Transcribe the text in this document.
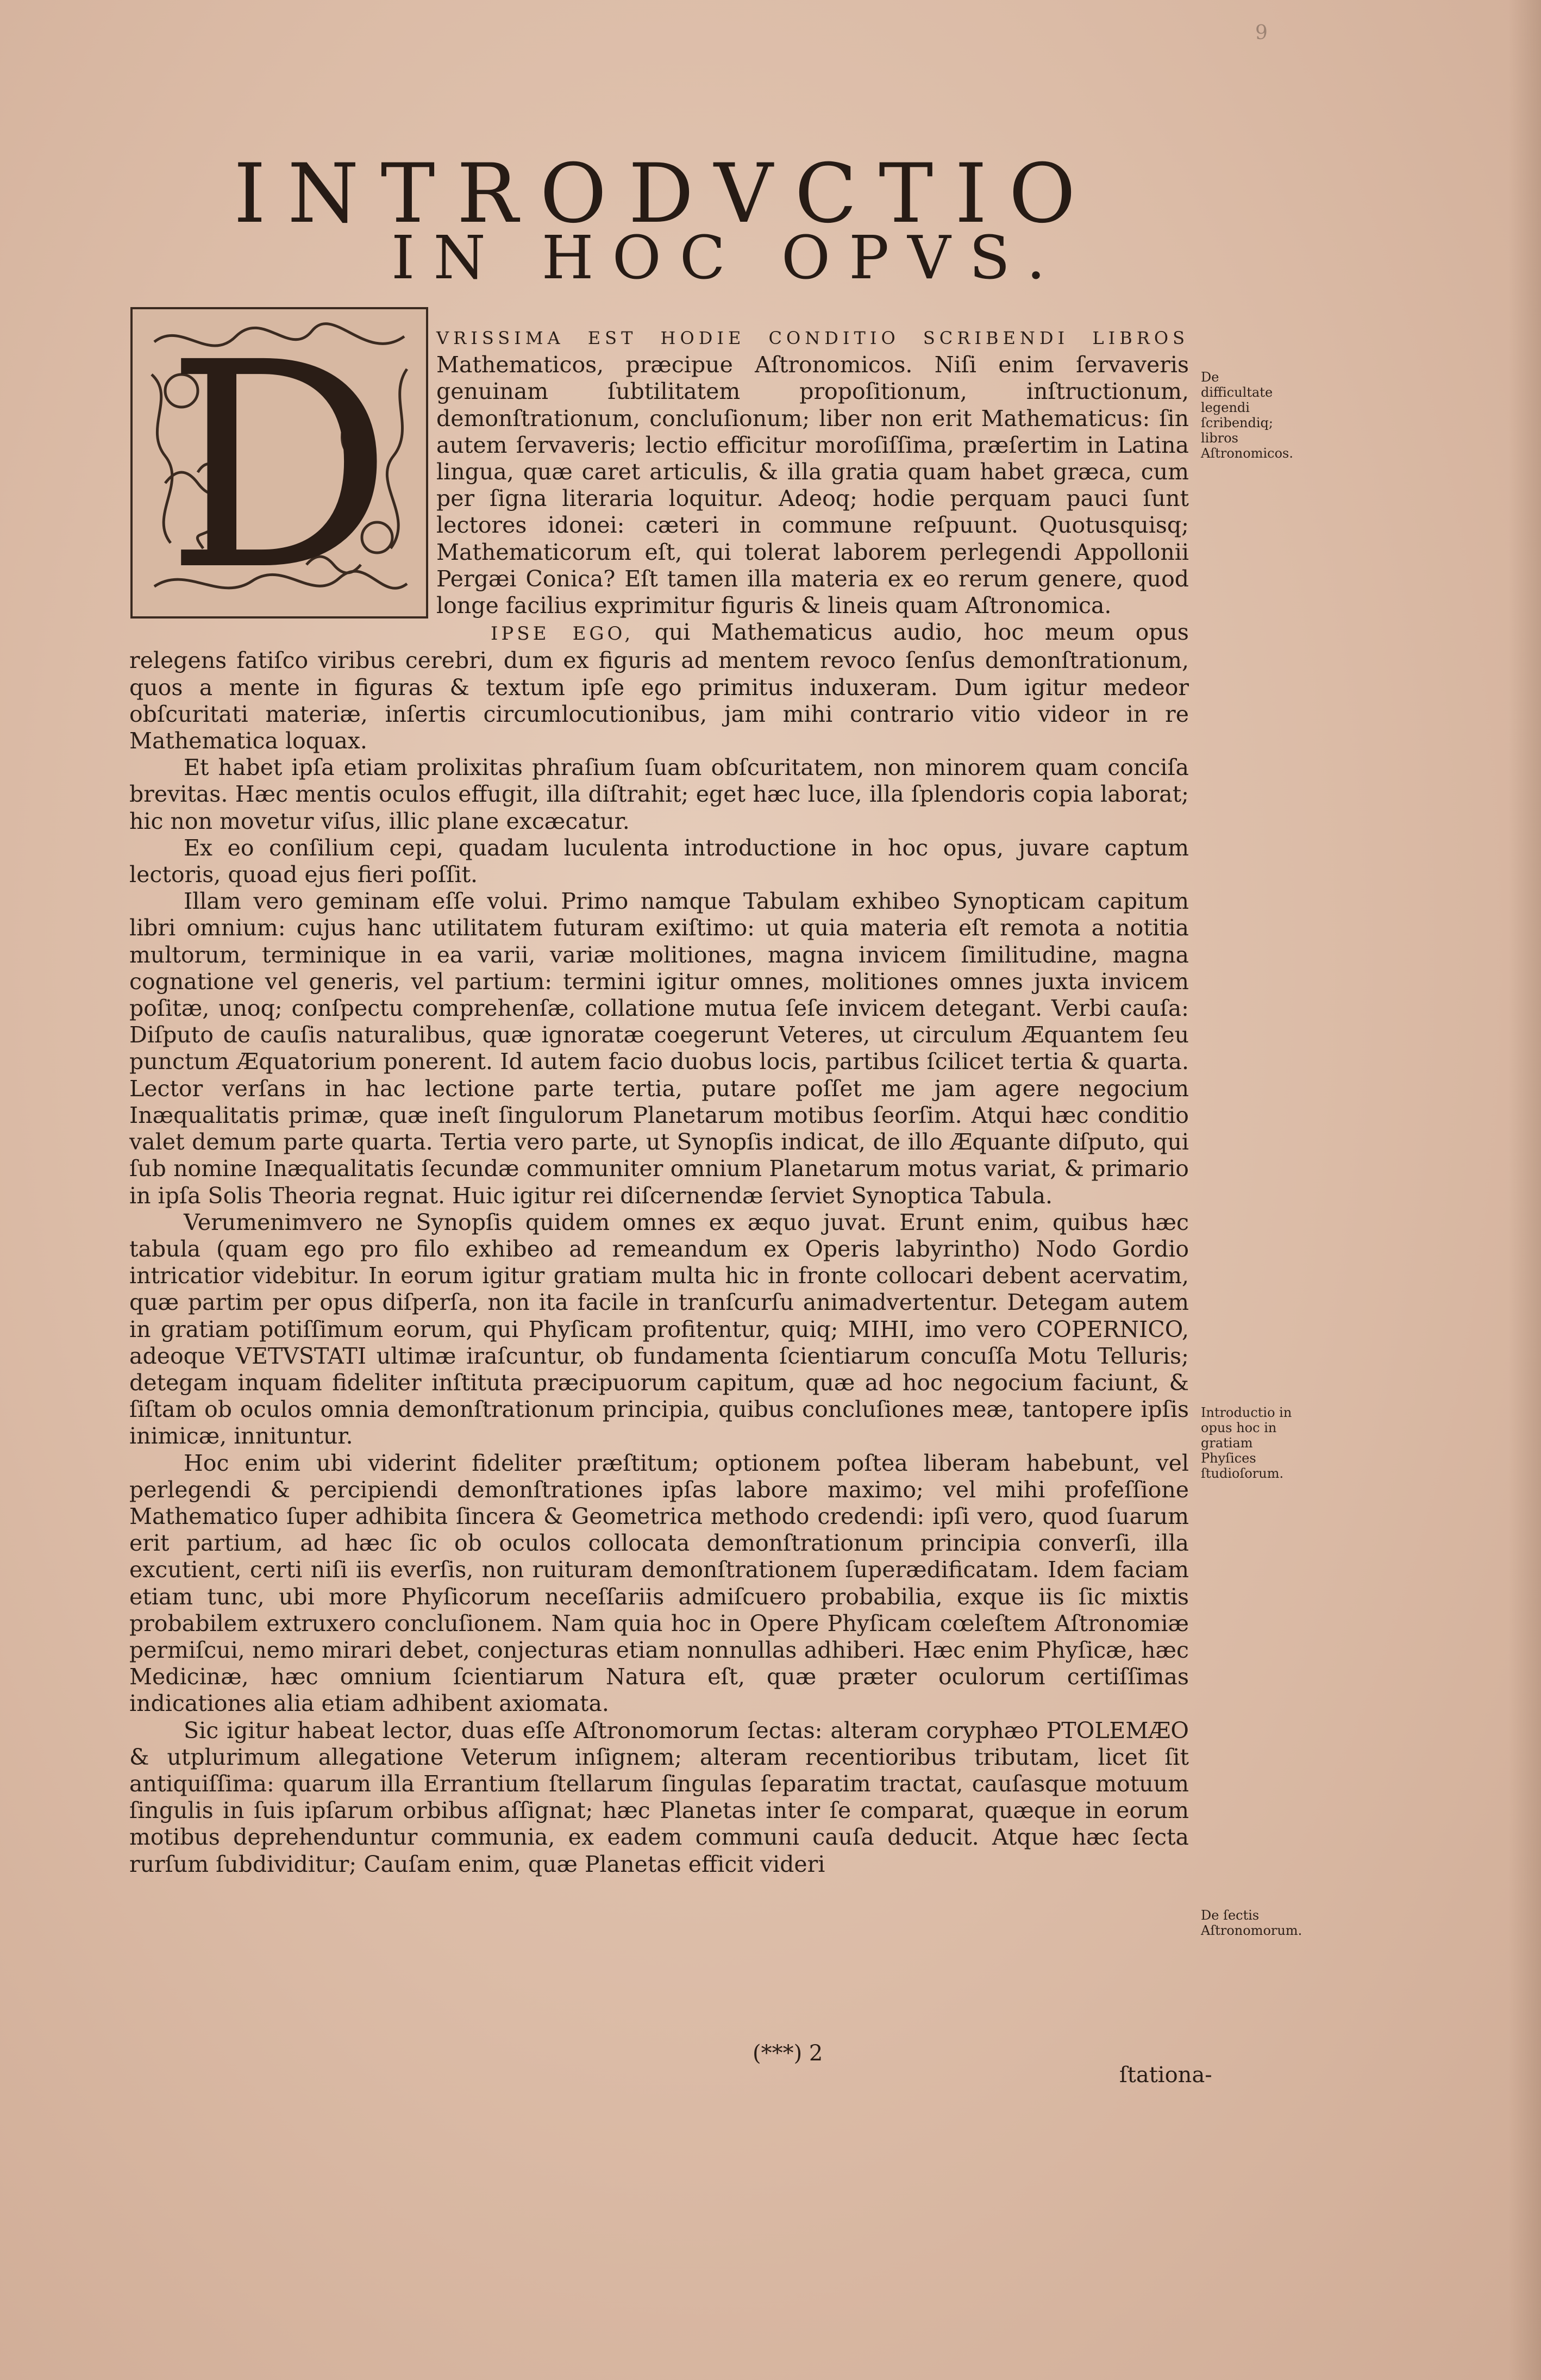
9
INTRODVCTIO
IN HOC OPVS.
D	VRISSIMA EST HODIE CONDITIO SCRIBENDI LIBROS Mathematicos, præcipue Aſtronomicos. Niſi enim ſervaveris genuinam ſubtilitatem propoſitionum, inſtructionum, demonſtrationum, concluſionum; liber non erit Mathematicus: ſin autem ſervaveris; lectio efficitur moroſiſſima, præſertim in Latina lingua, quæ caret articulis, & illa gratia quam habet græca, cum per ſigna literaria loquitur. Adeoq; hodie perquam pauci ſunt lectores idonei: cæteri in commune reſpuunt. Quotusquisq; Mathematicorum eſt, qui tolerat laborem perlegendi Appollonii Pergæi Conica? Eſt tamen illa materia ex eo rerum genere, quod longe facilius exprimitur figuris & lineis quam Aſtronomica.

IPSE EGO, qui Mathematicus audio, hoc meum opus relegens fatiſco viribus cerebri, dum ex figuris ad mentem revoco ſenſus demonſtrationum, quos a mente in figuras & textum ipſe ego primitus induxeram. Dum igitur medeor obſcuritati materiæ, inſertis circumlocutionibus, jam mihi contrario vitio videor in re Mathematica loquax.

Et habet ipſa etiam prolixitas phraſium ſuam obſcuritatem, non minorem quam conciſa brevitas. Hæc mentis oculos effugit, illa diſtrahit; eget hæc luce, illa ſplendoris copia laborat; hic non movetur viſus, illic plane excæcatur.

Ex eo conſilium cepi, quadam luculenta introductione in hoc opus, juvare captum lectoris, quoad ejus fieri poſſit.

Illam vero geminam eſſe volui. Primo namque Tabulam exhibeo Synopticam capitum libri omnium: cujus hanc utilitatem futuram exiſtimo: ut quia materia eſt remota a notitia multorum, terminique in ea varii, variæ molitiones, magna invicem ſimilitudine, magna cognatione vel generis, vel partium: termini igitur omnes, molitiones omnes juxta invicem poſitæ, unoq; conſpectu comprehenſæ, collatione mutua ſeſe invicem detegant. Verbi cauſa: Diſputo de cauſis naturalibus, quæ ignoratæ coegerunt Veteres, ut circulum Æquantem ſeu punctum Æquatorium ponerent. Id autem facio duobus locis, partibus ſcilicet tertia & quarta. Lector verſans in hac lectione parte tertia, putare poſſet me jam agere negocium Inæqualitatis primæ, quæ ineſt ſingulorum Planetarum motibus ſeorſim. Atqui hæc conditio valet demum parte quarta. Tertia vero parte, ut Synopſis indicat, de illo Æquante diſputo, qui ſub nomine Inæqualitatis ſecundæ communiter omnium Planetarum motus variat, & primario in ipſa Solis Theoria regnat. Huic igitur rei diſcernendæ ſerviet Synoptica Tabula.

Verumenimvero ne Synopſis quidem omnes ex æquo juvat. Erunt enim, quibus hæc tabula (quam ego pro filo exhibeo ad remeandum ex Operis labyrintho) Nodo Gordio intricatior videbitur. In eorum igitur gratiam multa hic in fronte collocari debent acervatim, quæ partim per opus diſperſa, non ita facile in tranſcurſu animadvertentur. Detegam autem in gratiam potiſſimum eorum, qui Phyſicam profitentur, quiq; MIHI, imo vero COPERNICO, adeoque VETVSTATI ultimæ iraſcuntur, ob fundamenta ſcientiarum concuſſa Motu Telluris; detegam inquam fideliter inſtituta præcipuorum capitum, quæ ad hoc negocium faciunt, & ſiſtam ob oculos omnia demonſtrationum principia, quibus concluſiones meæ, tantopere ipſis inimicæ, innituntur.

Hoc enim ubi viderint fideliter præſtitum; optionem poſtea liberam habebunt, vel perlegendi & percipiendi demonſtrationes ipſas labore maximo; vel mihi profeſſione Mathematico ſuper adhibita ſincera & Geometrica methodo credendi: ipſi vero, quod ſuarum erit partium, ad hæc ſic ob oculos collocata demonſtrationum principia converſi, illa excutient, certi niſi iis everſis, non ruituram demonſtrationem ſuperædificatam. Idem faciam etiam tunc, ubi more Phyſicorum neceſſariis admiſcuero probabilia, exque iis ſic mixtis probabilem extruxero concluſionem. Nam quia hoc in Opere Phyſicam cœleſtem Aſtronomiæ permiſcui, nemo mirari debet, conjecturas etiam nonnullas adhiberi. Hæc enim Phyſicæ, hæc Medicinæ, hæc omnium ſcientiarum Natura eſt, quæ præter oculorum certiſſimas indicationes alia etiam adhibent axiomata.

Sic igitur habeat lector, duas eſſe Aſtronomorum ſectas: alteram coryphæo PTOLEMÆO & utplurimum allegatione Veterum inſignem; alteram recentioribus tributam, licet ſit antiquiſſima: quarum illa Errantium ſtellarum ſingulas ſeparatim tractat, cauſasque motuum ſingulis in ſuis ipſarum orbibus aſſignat; hæc Planetas inter ſe comparat, quæque in eorum motibus deprehenduntur communia, ex eadem communi cauſa deducit. Atque hæc ſecta rurſum ſubdividitur; Cauſam enim, quæ Planetas efficit videri

De difficultate legendi ſcribendiq; libros Aſtronomicos.
Introductio in opus hoc in gratiam Phyſices ſtudioſorum.
De ſectis Aſtronomorum.
(***) 2
ſtationa-
